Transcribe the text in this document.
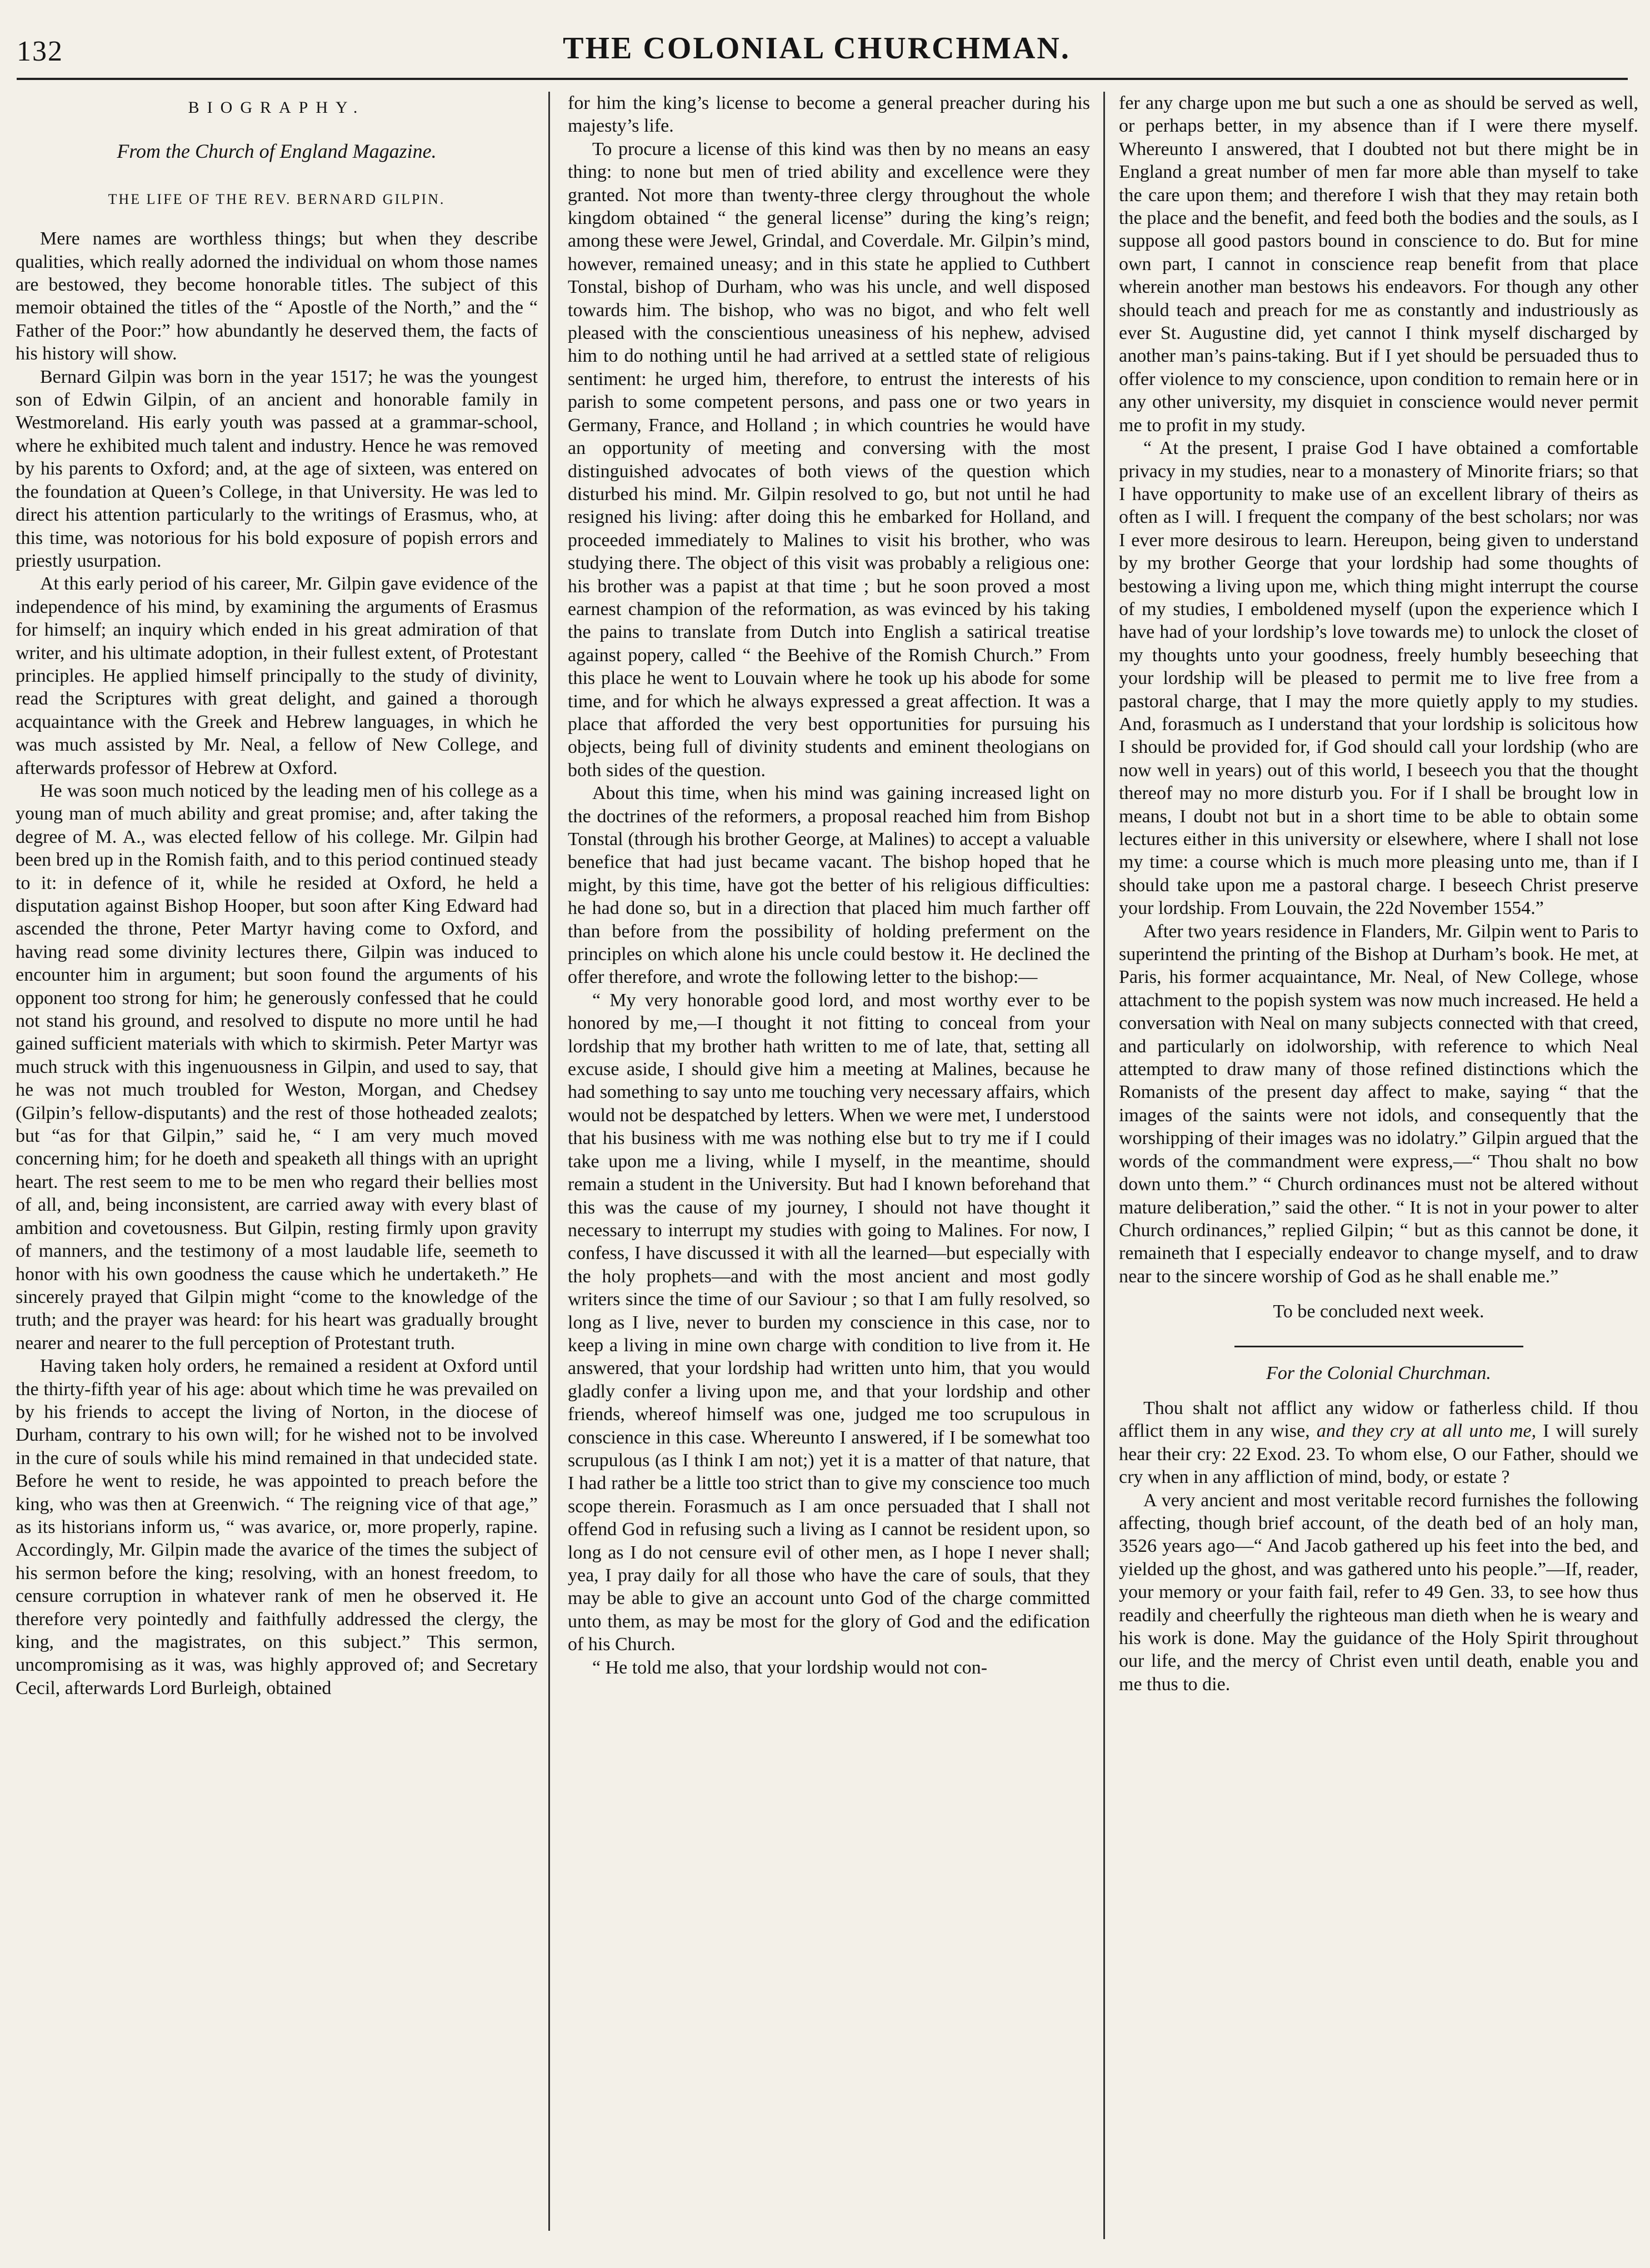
132	THE COLONIAL CHURCHMAN.
BIOGRAPHY.
From the Church of England Magazine.
THE LIFE OF THE REV. BERNARD GILPIN.

Mere names are worthless things; but when they describe qualities, which really adorned the individual on whom those names are bestowed, they become honorable titles. The subject of this memoir obtained the titles of the “ Apostle of the North,” and the “ Father of the Poor:” how abundantly he deserved them, the facts of his history will show.

Bernard Gilpin was born in the year 1517; he was the youngest son of Edwin Gilpin, of an ancient and honorable family in Westmoreland. His early youth was passed at a grammar-school, where he exhibited much talent and industry. Hence he was removed by his parents to Oxford; and, at the age of sixteen, was entered on the foundation at Queen’s College, in that University. He was led to direct his attention particularly to the writings of Erasmus, who, at this time, was notorious for his bold exposure of popish errors and priestly usurpation.

At this early period of his career, Mr. Gilpin gave evidence of the independence of his mind, by examining the arguments of Erasmus for himself; an inquiry which ended in his great admiration of that writer, and his ultimate adoption, in their fullest extent, of Protestant principles. He applied himself principally to the study of divinity, read the Scriptures with great delight, and gained a thorough acquaintance with the Greek and Hebrew languages, in which he was much assisted by Mr. Neal, a fellow of New College, and afterwards professor of Hebrew at Oxford.

He was soon much noticed by the leading men of his college as a young man of much ability and great promise; and, after taking the degree of M. A., was elected fellow of his college. Mr. Gilpin had been bred up in the Romish faith, and to this period continued steady to it: in defence of it, while he resided at Oxford, he held a disputation against Bishop Hooper, but soon after King Edward had ascended the throne, Peter Martyr having come to Oxford, and having read some divinity lectures there, Gilpin was induced to encounter him in argument; but soon found the arguments of his opponent too strong for him; he generously confessed that he could not stand his ground, and resolved to dispute no more until he had gained sufficient materials with which to skirmish. Peter Martyr was much struck with this ingenuousness in Gilpin, and used to say, that he was not much troubled for Weston, Morgan, and Chedsey (Gilpin’s fellow-disputants) and the rest of those hotheaded zealots; but “as for that Gilpin,” said he, “ I am very much moved concerning him; for he doeth and speaketh all things with an upright heart. The rest seem to me to be men who regard their bellies most of all, and, being inconsistent, are carried away with every blast of ambition and covetousness. But Gilpin, resting firmly upon gravity of manners, and the testimony of a most laudable life, seemeth to honor with his own goodness the cause which he undertaketh.” He sincerely prayed that Gilpin might “come to the knowledge of the truth; and the prayer was heard: for his heart was gradually brought nearer and nearer to the full perception of Protestant truth.

Having taken holy orders, he remained a resident at Oxford until the thirty-fifth year of his age: about which time he was prevailed on by his friends to accept the living of Norton, in the diocese of Durham, contrary to his own will; for he wished not to be involved in the cure of souls while his mind remained in that undecided state. Before he went to reside, he was appointed to preach before the king, who was then at Greenwich. “ The reigning vice of that age,” as its historians inform us, “ was avarice, or, more properly, rapine. Accordingly, Mr. Gilpin made the avarice of the times the subject of his sermon before the king; resolving, with an honest freedom, to censure corruption in whatever rank of men he observed it. He therefore very pointedly and faithfully addressed the clergy, the king, and the magistrates, on this subject.” This sermon, uncompromising as it was, was highly approved of; and Secretary Cecil, afterwards Lord Burleigh, obtained

for him the king’s license to become a general preacher during his majesty’s life.

To procure a license of this kind was then by no means an easy thing: to none but men of tried ability and excellence were they granted. Not more than twenty-three clergy throughout the whole kingdom obtained “ the general license” during the king’s reign; among these were Jewel, Grindal, and Coverdale. Mr. Gilpin’s mind, however, remained uneasy; and in this state he applied to Cuthbert Tonstal, bishop of Durham, who was his uncle, and well disposed towards him. The bishop, who was no bigot, and who felt well pleased with the conscientious uneasiness of his nephew, advised him to do nothing until he had arrived at a settled state of religious sentiment: he urged him, therefore, to entrust the interests of his parish to some competent persons, and pass one or two years in Germany, France, and Holland ; in which countries he would have an opportunity of meeting and conversing with the most distinguished advocates of both views of the question which disturbed his mind. Mr. Gilpin resolved to go, but not until he had resigned his living: after doing this he embarked for Holland, and proceeded immediately to Malines to visit his brother, who was studying there. The object of this visit was probably a religious one: his brother was a papist at that time ; but he soon proved a most earnest champion of the reformation, as was evinced by his taking the pains to translate from Dutch into English a satirical treatise against popery, called “ the Beehive of the Romish Church.” From this place he went to Louvain where he took up his abode for some time, and for which he always expressed a great affection. It was a place that afforded the very best opportunities for pursuing his objects, being full of divinity students and eminent theologians on both sides of the question.

About this time, when his mind was gaining increased light on the doctrines of the reformers, a proposal reached him from Bishop Tonstal (through his brother George, at Malines) to accept a valuable benefice that had just became vacant. The bishop hoped that he might, by this time, have got the better of his religious difficulties: he had done so, but in a direction that placed him much farther off than before from the possibility of holding preferment on the principles on which alone his uncle could bestow it. He declined the offer therefore, and wrote the following letter to the bishop:—

“ My very honorable good lord, and most worthy ever to be honored by me,—I thought it not fitting to conceal from your lordship that my brother hath written to me of late, that, setting all excuse aside, I should give him a meeting at Malines, because he had something to say unto me touching very necessary affairs, which would not be despatched by letters. When we were met, I understood that his business with me was nothing else but to try me if I could take upon me a living, while I myself, in the meantime, should remain a student in the University. But had I known beforehand that this was the cause of my journey, I should not have thought it necessary to interrupt my studies with going to Malines. For now, I confess, I have discussed it with all the learned—but especially with the holy prophets—and with the most ancient and most godly writers since the time of our Saviour ; so that I am fully resolved, so long as I live, never to burden my conscience in this case, nor to keep a living in mine own charge with condition to live from it. He answered, that your lordship had written unto him, that you would gladly confer a living upon me, and that your lordship and other friends, whereof himself was one, judged me too scrupulous in conscience in this case. Whereunto I answered, if I be somewhat too scrupulous (as I think I am not;) yet it is a matter of that nature, that I had rather be a little too strict than to give my conscience too much scope therein. Forasmuch as I am once persuaded that I shall not offend God in refusing such a living as I cannot be resident upon, so long as I do not censure evil of other men, as I hope I never shall; yea, I pray daily for all those who have the care of souls, that they may be able to give an account unto God of the charge committed unto them, as may be most for the glory of God and the edification of his Church.

“ He told me also, that your lordship would not con-

fer any charge upon me but such a one as should be served as well, or perhaps better, in my absence than if I were there myself. Whereunto I answered, that I doubted not but there might be in England a great number of men far more able than myself to take the care upon them; and therefore I wish that they may retain both the place and the benefit, and feed both the bodies and the souls, as I suppose all good pastors bound in conscience to do. But for mine own part, I cannot in conscience reap benefit from that place wherein another man bestows his endeavors. For though any other should teach and preach for me as constantly and industriously as ever St. Augustine did, yet cannot I think myself discharged by another man’s pains-taking. But if I yet should be persuaded thus to offer violence to my conscience, upon condition to remain here or in any other university, my disquiet in conscience would never permit me to profit in my study.

“ At the present, I praise God I have obtained a comfortable privacy in my studies, near to a monastery of Minorite friars; so that I have opportunity to make use of an excellent library of theirs as often as I will. I frequent the company of the best scholars; nor was I ever more desirous to learn. Hereupon, being given to understand by my brother George that your lordship had some thoughts of bestowing a living upon me, which thing might interrupt the course of my studies, I emboldened myself (upon the experience which I have had of your lordship’s love towards me) to unlock the closet of my thoughts unto your goodness, freely humbly beseeching that your lordship will be pleased to permit me to live free from a pastoral charge, that I may the more quietly apply to my studies. And, forasmuch as I understand that your lordship is solicitous how I should be provided for, if God should call your lordship (who are now well in years) out of this world, I beseech you that the thought thereof may no more disturb you. For if I shall be brought low in means, I doubt not but in a short time to be able to obtain some lectures either in this university or elsewhere, where I shall not lose my time: a course which is much more pleasing unto me, than if I should take upon me a pastoral charge. I beseech Christ preserve your lordship. From Louvain, the 22d November 1554.”

After two years residence in Flanders, Mr. Gilpin went to Paris to superintend the printing of the Bishop at Durham’s book. He met, at Paris, his former acquaintance, Mr. Neal, of New College, whose attachment to the popish system was now much increased. He held a conversation with Neal on many subjects connected with that creed, and particularly on idolworship, with reference to which Neal attempted to draw many of those refined distinctions which the Romanists of the present day affect to make, saying “ that the images of the saints were not idols, and consequently that the worshipping of their images was no idolatry.” Gilpin argued that the words of the commandment were express,—“ Thou shalt no bow down unto them.” “ Church ordinances must not be altered without mature deliberation,” said the other. “ It is not in your power to alter Church ordinances,” replied Gilpin; “ but as this cannot be done, it remaineth that I especially endeavor to change myself, and to draw near to the sincere worship of God as he shall enable me.”

To be concluded next week.

For the Colonial Churchman.

Thou shalt not afflict any widow or fatherless child. If thou afflict them in any wise, and they cry at all unto me, I will surely hear their cry: 22 Exod. 23. To whom else, O our Father, should we cry when in any affliction of mind, body, or estate ?

A very ancient and most veritable record furnishes the following affecting, though brief account, of the death bed of an holy man, 3526 years ago—“ And Jacob gathered up his feet into the bed, and yielded up the ghost, and was gathered unto his people.”—If, reader, your memory or your faith fail, refer to 49 Gen. 33, to see how thus readily and cheerfully the righteous man dieth when he is weary and his work is done. May the guidance of the Holy Spirit throughout our life, and the mercy of Christ even until death, enable you and me thus to die.
